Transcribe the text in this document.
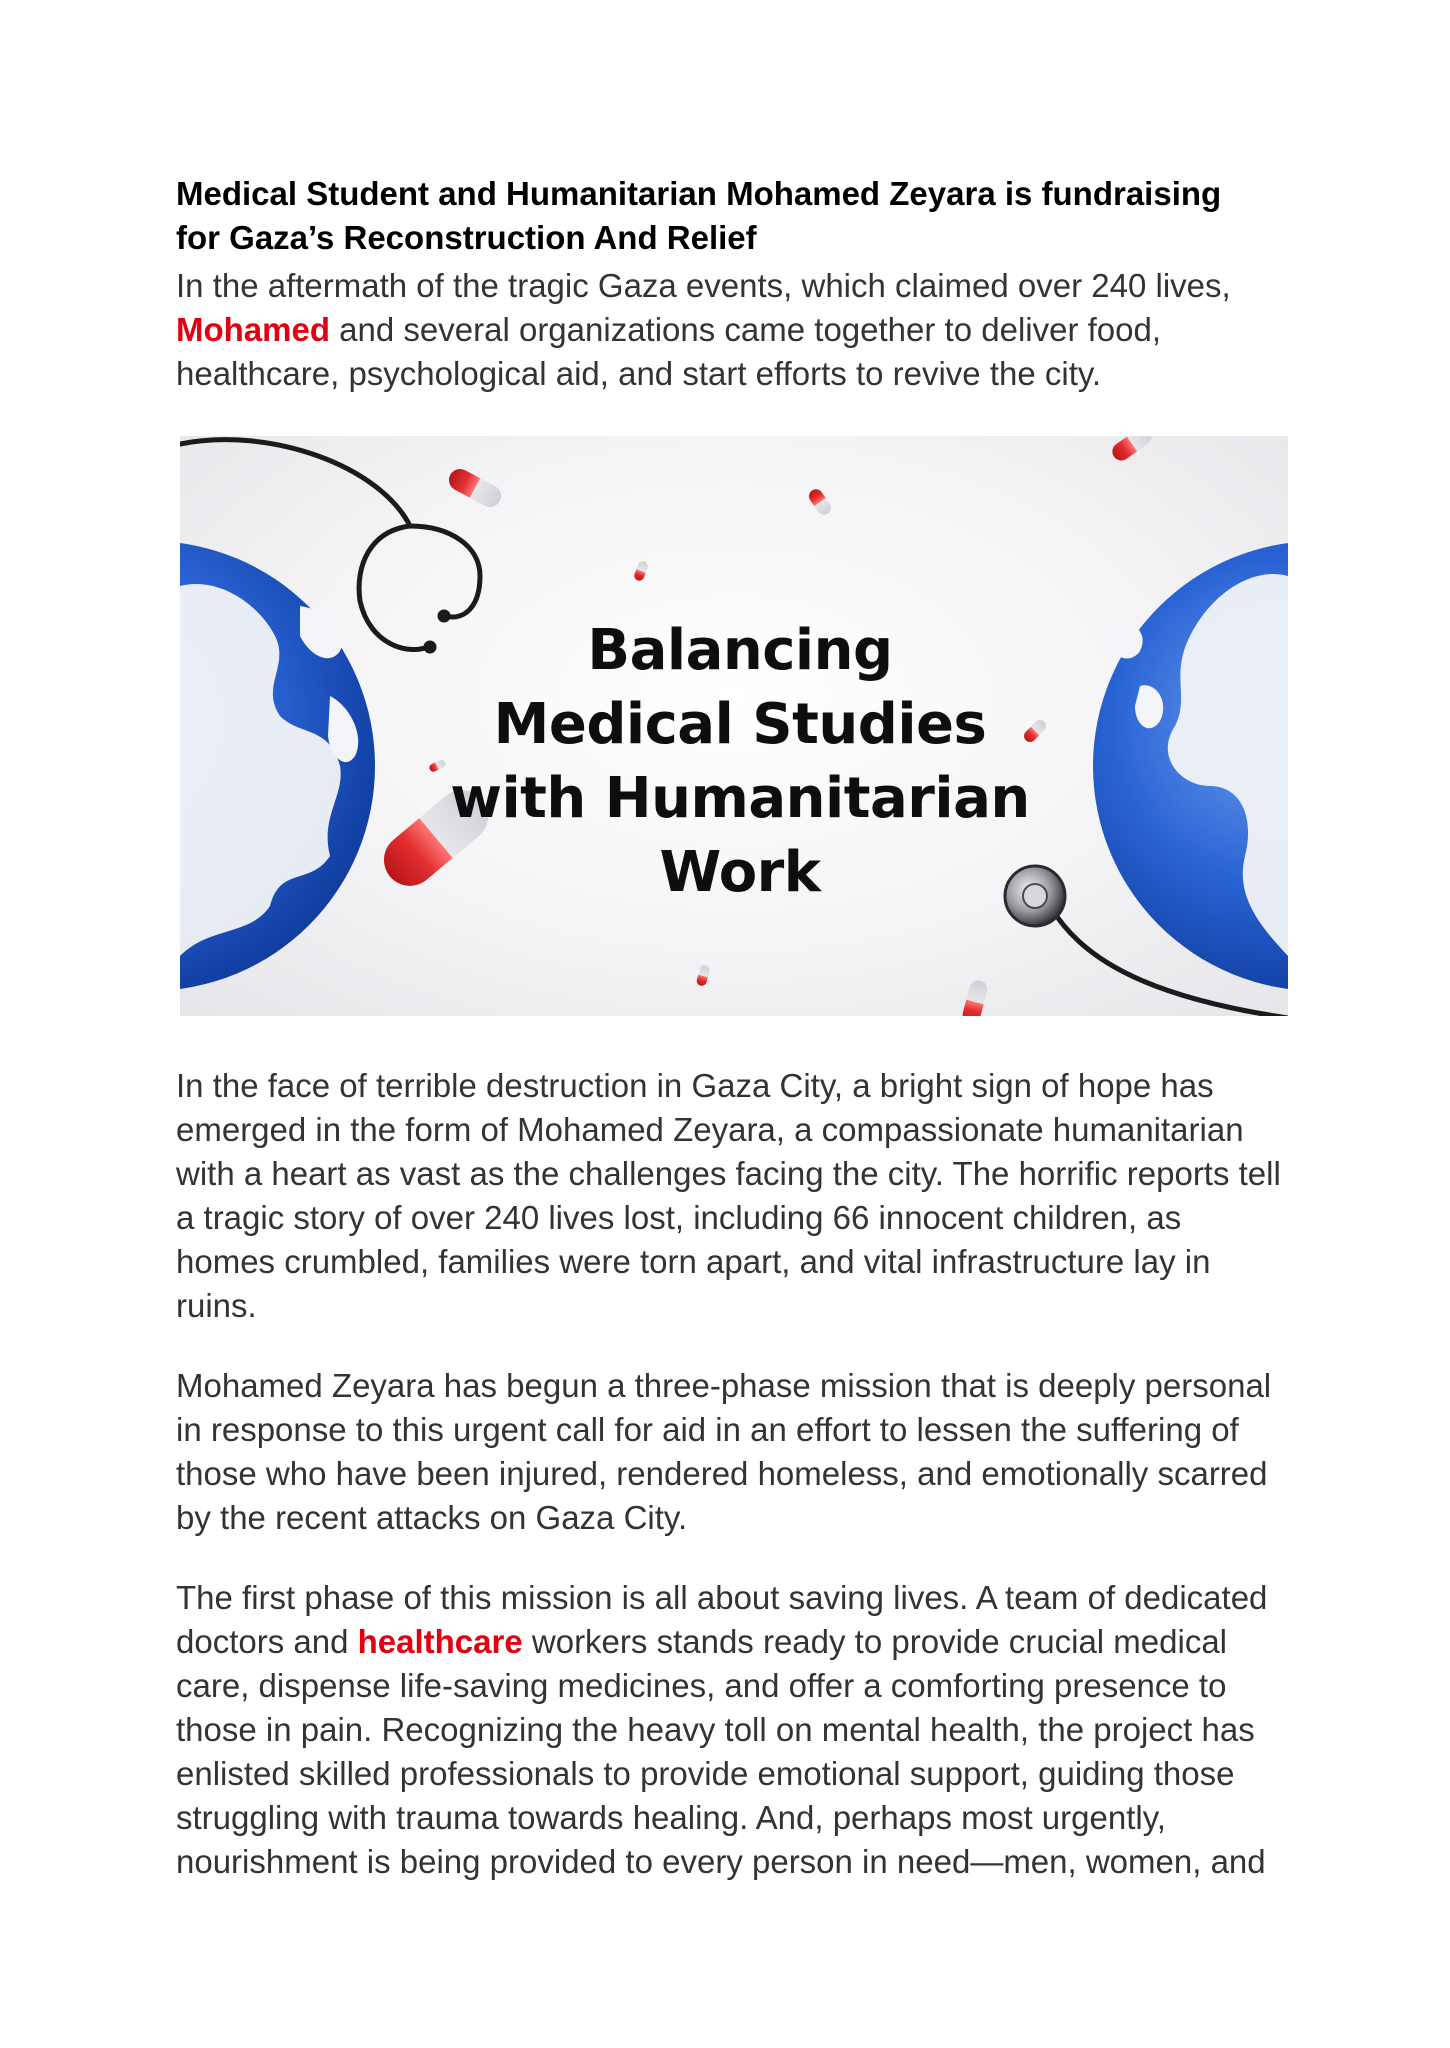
Medical Student and Humanitarian Mohamed Zeyara is fundraising
for Gaza’s Reconstruction And Relief

In the aftermath of the tragic Gaza events, which claimed over 240 lives,
Mohamed and several organizations came together to deliver food, healthcare, psychological aid, and start efforts to revive the city.

Balancing
Medical Studies
with Humanitarian
Work

In the face of terrible destruction in Gaza City, a bright sign of hope has emerged in the form of Mohamed Zeyara, a compassionate humanitarian with a heart as vast as the challenges facing the city. The horrific reports tell a tragic story of over 240 lives lost, including 66 innocent children, as homes crumbled, families were torn apart, and vital infrastructure lay in ruins.

Mohamed Zeyara has begun a three-phase mission that is deeply personal in response to this urgent call for aid in an effort to lessen the suffering of those who have been injured, rendered homeless, and emotionally scarred by the recent attacks on Gaza City.

The first phase of this mission is all about saving lives. A team of dedicated doctors and healthcare workers stands ready to provide crucial medical care, dispense life-saving medicines, and offer a comforting presence to those in pain. Recognizing the heavy toll on mental health, the project has enlisted skilled professionals to provide emotional support, guiding those struggling with trauma towards healing. And, perhaps most urgently, nourishment is being provided to every person in need—men, women, and
